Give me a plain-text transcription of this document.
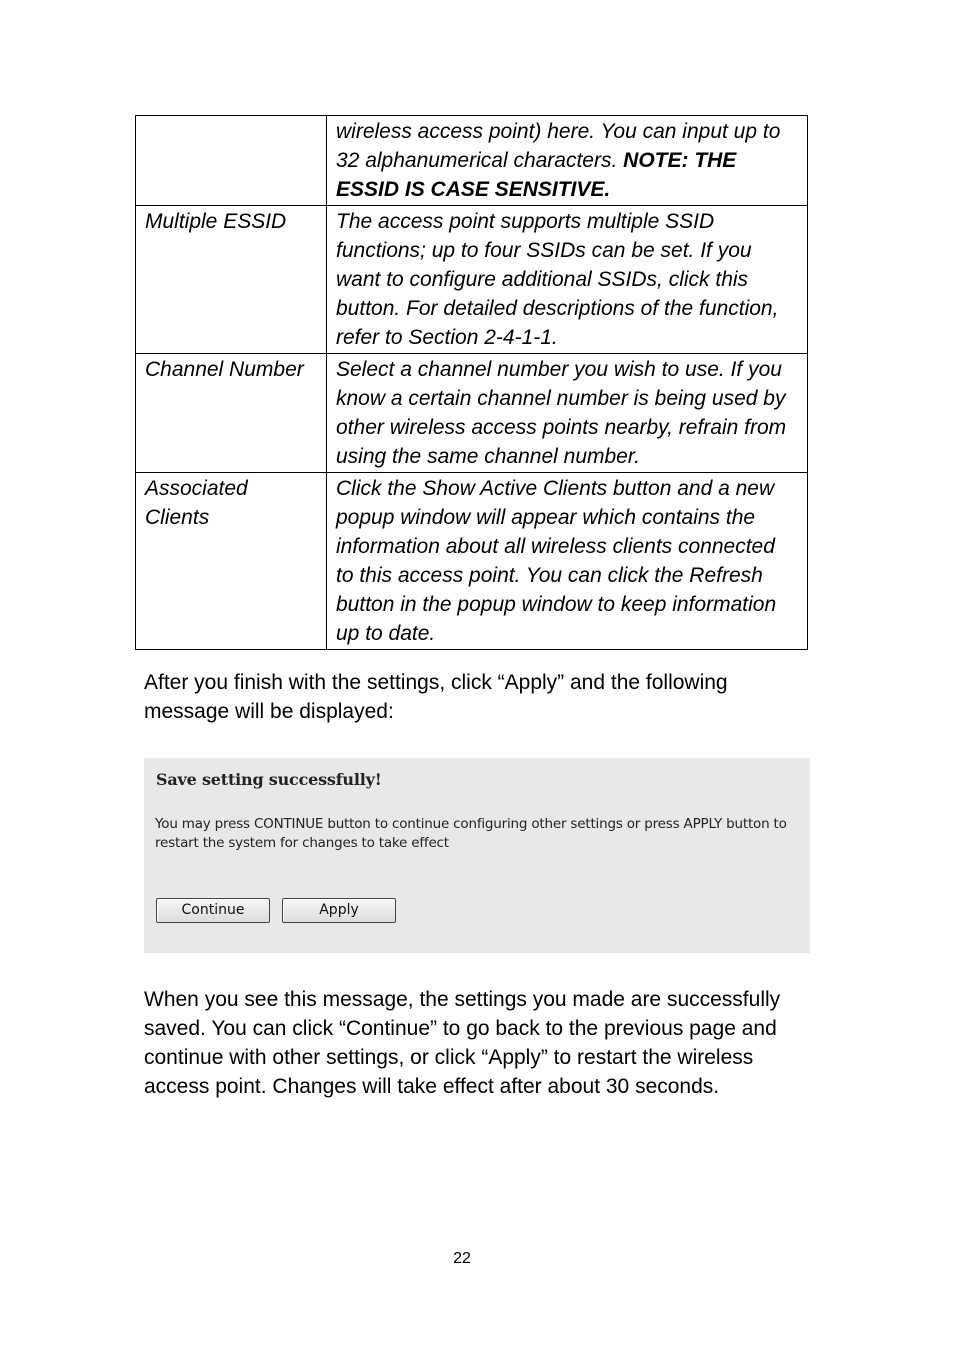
	wireless access point) here. You can input up to 32 alphanumerical characters. NOTE: THE ESSID IS CASE SENSITIVE.
Multiple ESSID	The access point supports multiple SSID functions; up to four SSIDs can be set. If you want to configure additional SSIDs, click this button. For detailed descriptions of the function, refer to Section 2-4-1-1.
Channel Number	Select a channel number you wish to use. If you know a certain channel number is being used by other wireless access points nearby, refrain from using the same channel number.
Associated Clients	Click the Show Active Clients button and a new popup window will appear which contains the information about all wireless clients connected to this access point. You can click the Refresh button in the popup window to keep information up to date.

After you finish with the settings, click “Apply” and the following message will be displayed:

Save setting successfully!
You may press CONTINUE button to continue configuring other settings or press APPLY button to restart the system for changes to take effect
Continue	Apply

When you see this message, the settings you made are successfully saved. You can click “Continue” to go back to the previous page and continue with other settings, or click “Apply” to restart the wireless access point. Changes will take effect after about 30 seconds.

22
